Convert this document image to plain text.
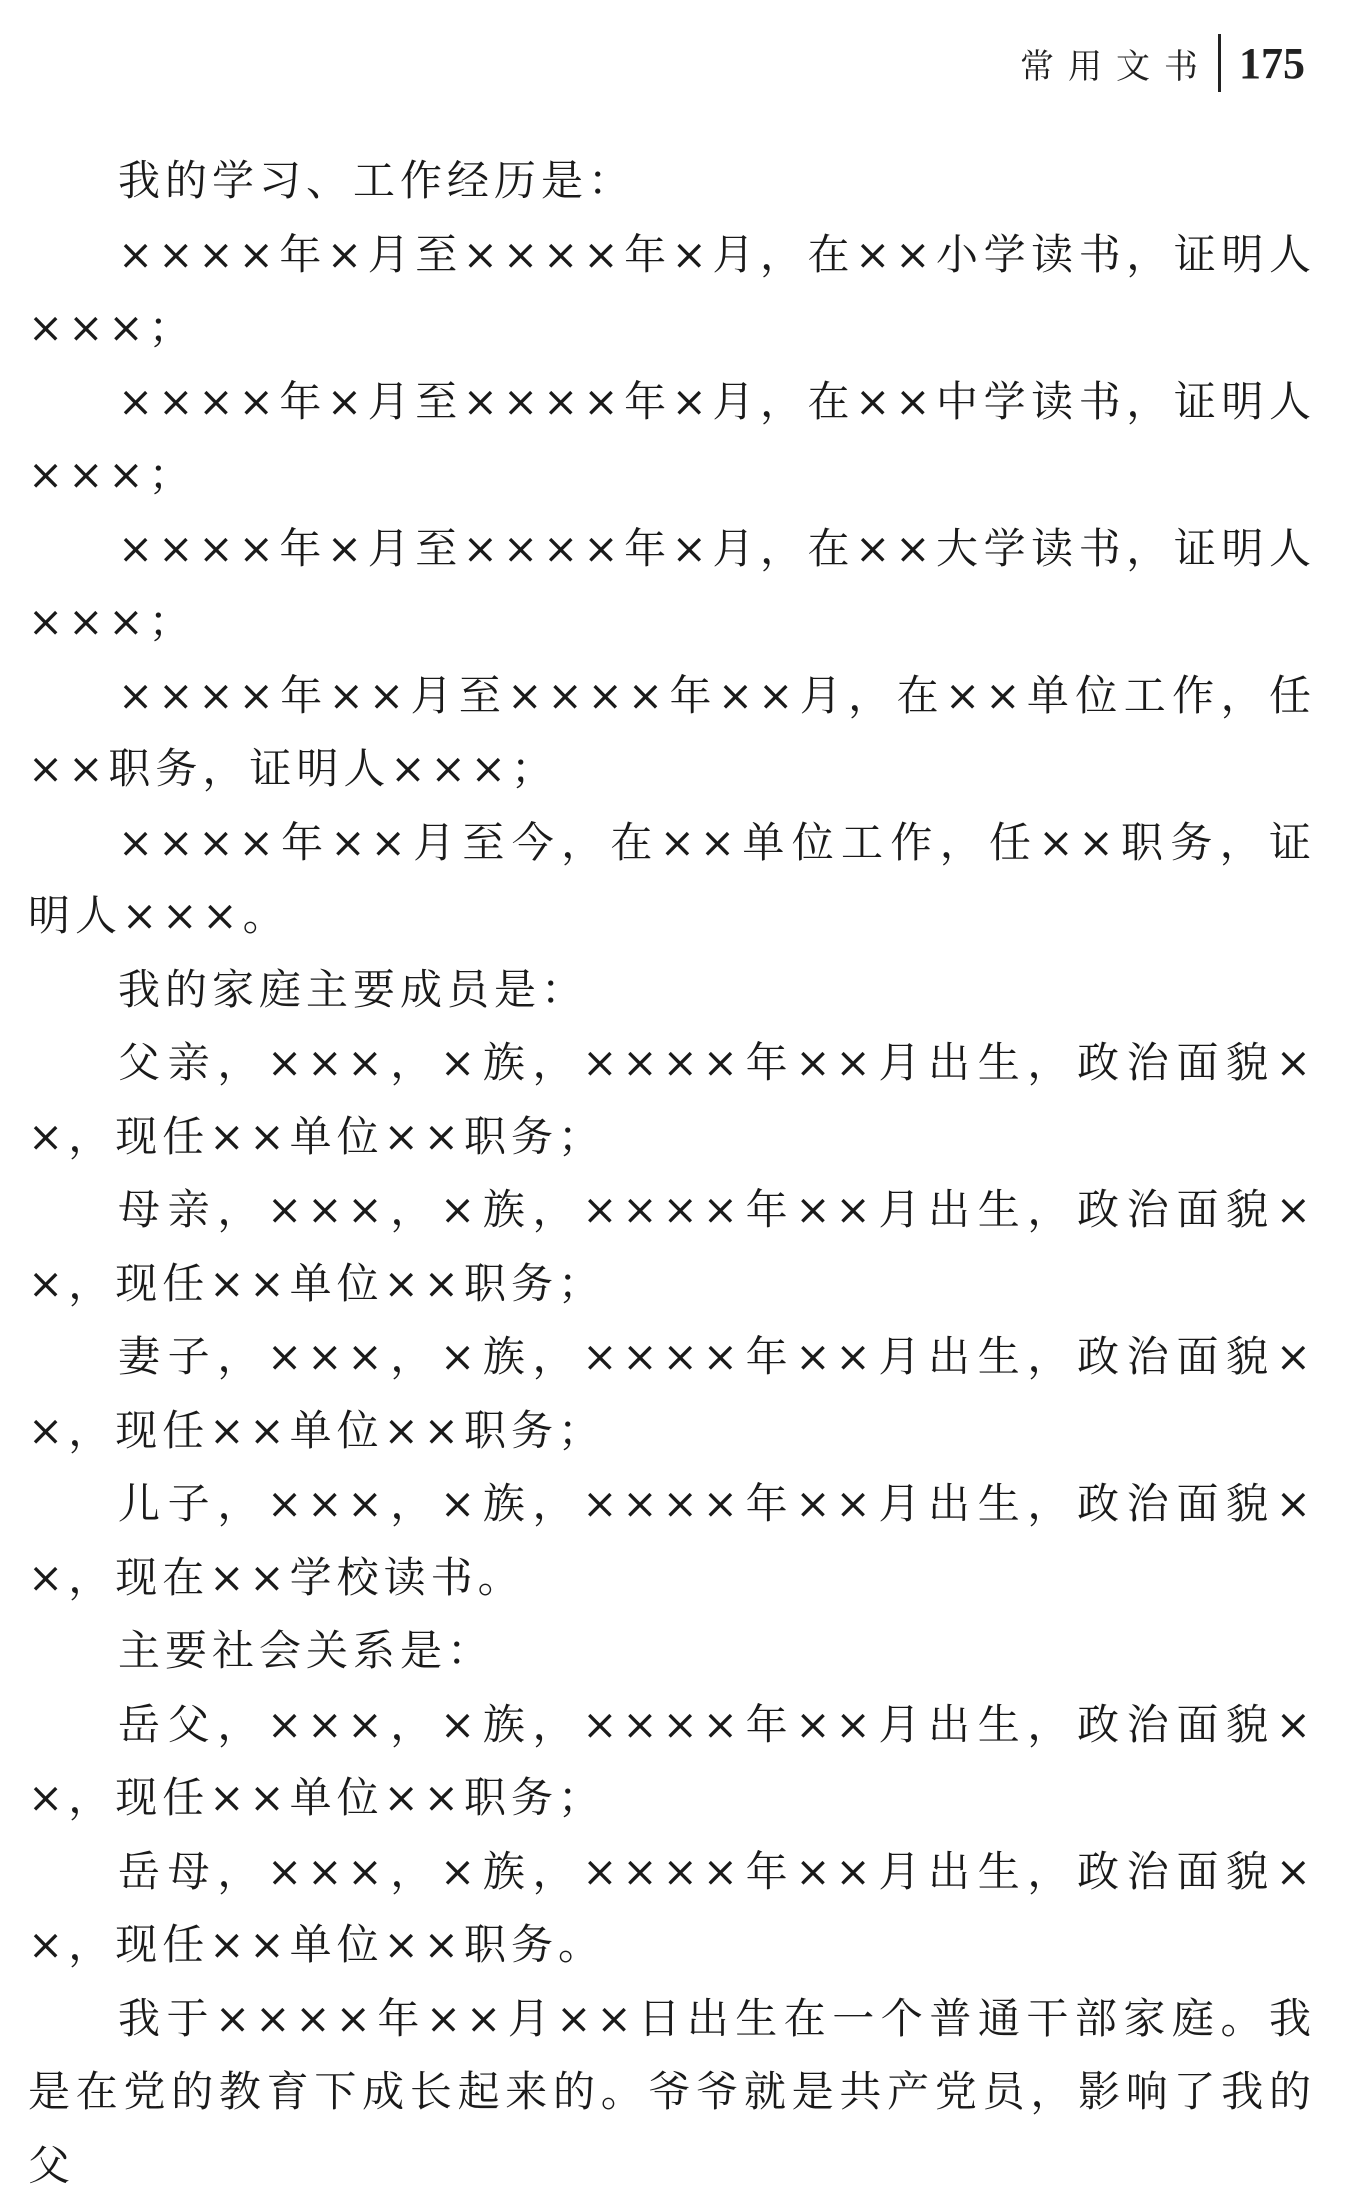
常用文书 175

我的学习、工作经历是：

××××年×月至××××年×月，在××小学读书，证明人×××；

××××年×月至××××年×月，在××中学读书，证明人×××；

××××年×月至××××年×月，在××大学读书，证明人×××；

××××年××月至××××年××月，在××单位工作，任××职务，证明人×××；

××××年××月至今，在××单位工作，任××职务，证明人×××。

我的家庭主要成员是：

父亲，×××，×族，××××年××月出生，政治面貌××，现任××单位××职务；

母亲，×××，×族，××××年××月出生，政治面貌××，现任××单位××职务；

妻子，×××，×族，××××年××月出生，政治面貌××，现任××单位××职务；

儿子，×××，×族，××××年××月出生，政治面貌××，现在××学校读书。

主要社会关系是：

岳父，×××，×族，××××年××月出生，政治面貌××，现任××单位××职务；

岳母，×××，×族，××××年××月出生，政治面貌××，现任××单位××职务。

我于××××年××月××日出生在一个普通干部家庭。我是在党的教育下成长起来的。爷爷就是共产党员，影响了我的父
